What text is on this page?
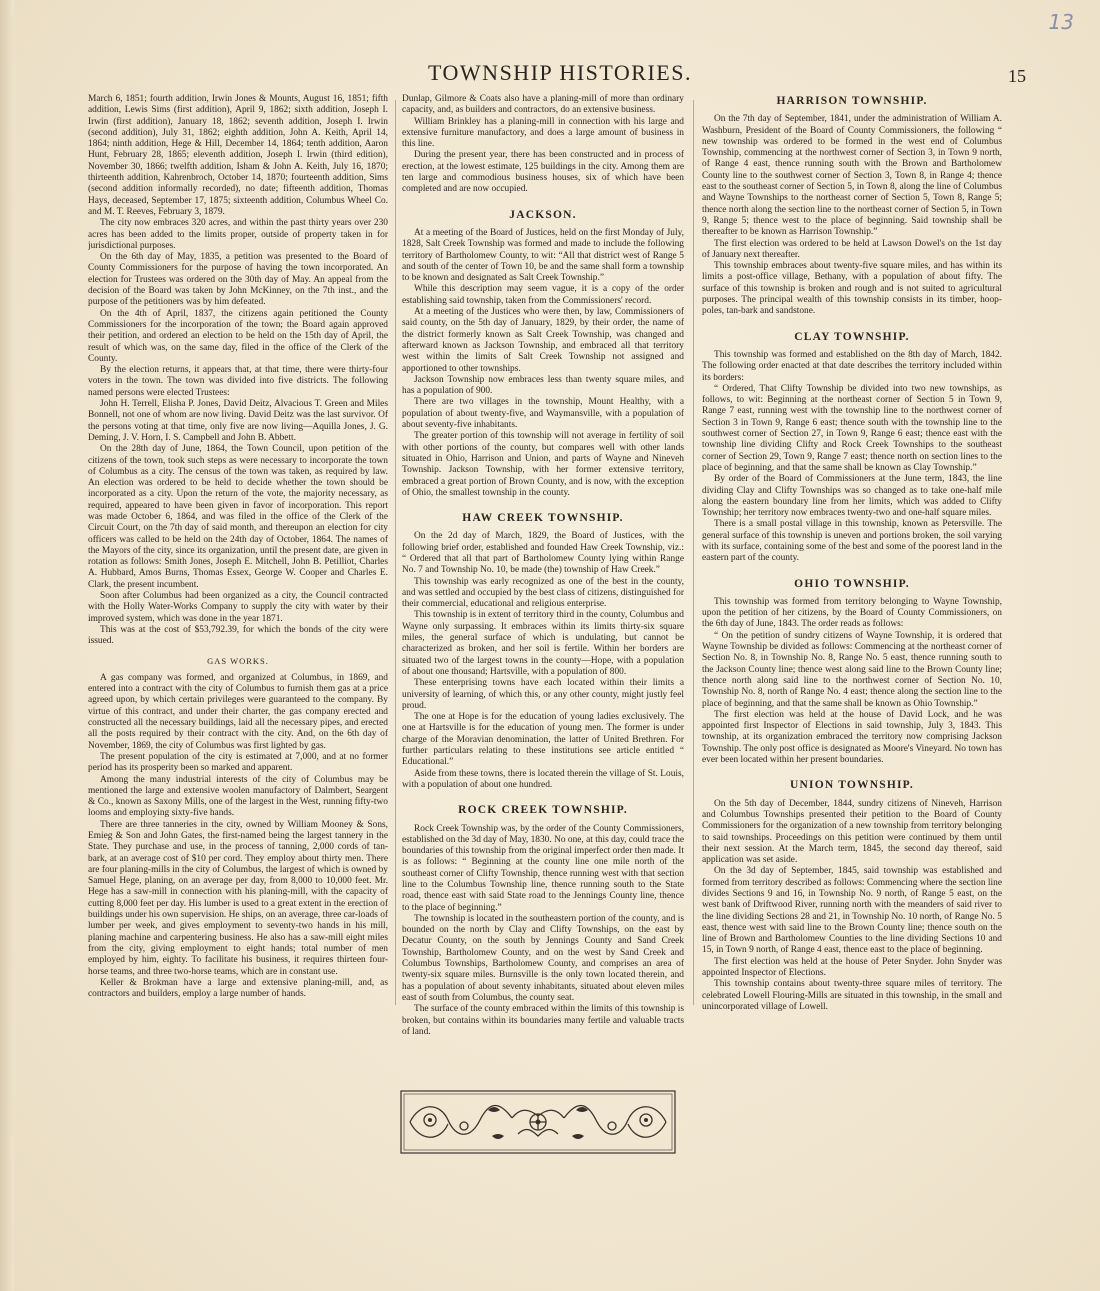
13
TOWNSHIP HISTORIES.	15

March 6, 1851; fourth addition, Irwin Jones & Mounts, August 16, 1851; fifth addition, Lewis Sims (first addition), April 9, 1862; sixth addition, Joseph I. Irwin (first addition), January 18, 1862; seventh addition, Joseph I. Irwin (second addition), July 31, 1862; eighth addition, John A. Keith, April 14, 1864; ninth addition, Hege & Hill, December 14, 1864; tenth addition, Aaron Hunt, February 28, 1865; eleventh addition, Joseph I. Irwin (third edition), November 30, 1866; twelfth addition, Isham & John A. Keith, July 16, 1870; thirteenth addition, Kahrenbroch, October 14, 1870; fourteenth addition, Sims (second addition informally recorded), no date; fifteenth addition, Thomas Hays, deceased, September 17, 1875; sixteenth addition, Columbus Wheel Co. and M. T. Reeves, February 3, 1879.

The city now embraces 320 acres, and within the past thirty years over 230 acres has been added to the limits proper, outside of property taken in for jurisdictional purposes.

On the 6th day of May, 1835, a petition was presented to the Board of County Commissioners for the purpose of having the town incorporated. An election for Trustees was ordered on the 30th day of May. An appeal from the decision of the Board was taken by John McKinney, on the 7th inst., and the purpose of the petitioners was by him defeated.

On the 4th of April, 1837, the citizens again petitioned the County Commissioners for the incorporation of the town; the Board again approved their petition, and ordered an election to be held on the 15th day of April, the result of which was, on the same day, filed in the office of the Clerk of the County.

By the election returns, it appears that, at that time, there were thirty-four voters in the town. The town was divided into five districts. The following named persons were elected Trustees:

John H. Terrell, Elisha P. Jones, David Deitz, Alvacious T. Green and Miles Bonnell, not one of whom are now living. David Deitz was the last survivor. Of the persons voting at that time, only five are now living—Aquilla Jones, J. G. Deming, J. V. Horn, I. S. Campbell and John B. Abbett.

On the 28th day of June, 1864, the Town Council, upon petition of the citizens of the town, took such steps as were necessary to incorporate the town of Columbus as a city. The census of the town was taken, as required by law. An election was ordered to be held to decide whether the town should be incorporated as a city. Upon the return of the vote, the majority necessary, as required, appeared to have been given in favor of incorporation. This report was made October 6, 1864, and was filed in the office of the Clerk of the Circuit Court, on the 7th day of said month, and thereupon an election for city officers was called to be held on the 24th day of October, 1864. The names of the Mayors of the city, since its organization, until the present date, are given in rotation as follows: Smith Jones, Joseph E. Mitchell, John B. Petilliot, Charles A. Hubbard, Amos Burns, Thomas Essex, George W. Cooper and Charles E. Clark, the present incumbent.

Soon after Columbus had been organized as a city, the Council contracted with the Holly Water-Works Company to supply the city with water by their improved system, which was done in the year 1871.

This was at the cost of $53,792.39, for which the bonds of the city were issued.

GAS WORKS.

A gas company was formed, and organized at Columbus, in 1869, and entered into a contract with the city of Columbus to furnish them gas at a price agreed upon, by which certain privileges were guaranteed to the company. By virtue of this contract, and under their charter, the gas company erected and constructed all the necessary buildings, laid all the necessary pipes, and erected all the posts required by their contract with the city. And, on the 6th day of November, 1869, the city of Columbus was first lighted by gas.

The present population of the city is estimated at 7,000, and at no former period has its prosperity been so marked and apparent.

Among the many industrial interests of the city of Columbus may be mentioned the large and extensive woolen manufactory of Dalmbert, Seargent & Co., known as Saxony Mills, one of the largest in the West, running fifty-two looms and employing sixty-five hands.

There are three tanneries in the city, owned by William Mooney & Sons, Emieg & Son and John Gates, the first-named being the largest tannery in the State. They purchase and use, in the process of tanning, 2,000 cords of tan-bark, at an average cost of $10 per cord. They employ about thirty men. There are four planing-mills in the city of Columbus, the largest of which is owned by Samuel Hege, planing, on an average per day, from 8,000 to 10,000 feet. Mr. Hege has a saw-mill in connection with his planing-mill, with the capacity of cutting 8,000 feet per day. His lumber is used to a great extent in the erection of buildings under his own supervision. He ships, on an average, three car-loads of lumber per week, and gives employment to seventy-two hands in his mill, planing machine and carpentering business. He also has a saw-mill eight miles from the city, giving employment to eight hands; total number of men employed by him, eighty. To facilitate his business, it requires thirteen four-horse teams, and three two-horse teams, which are in constant use.

Keller & Brokman have a large and extensive planing-mill, and, as contractors and builders, employ a large number of hands.

Dunlap, Gilmore & Coats also have a planing-mill of more than ordinary capacity, and, as builders and contractors, do an extensive business.

William Brinkley has a planing-mill in connection with his large and extensive furniture manufactory, and does a large amount of business in this line.

During the present year, there has been constructed and in process of erection, at the lowest estimate, 125 buildings in the city. Among them are ten large and commodious business houses, six of which have been completed and are now occupied.

JACKSON.

At a meeting of the Board of Justices, held on the first Monday of July, 1828, Salt Creek Township was formed and made to include the following territory of Bartholomew County, to wit: “All that district west of Range 5 and south of the center of Town 10, be and the same shall form a township to be known and designated as Salt Creek Township.”

While this description may seem vague, it is a copy of the order establishing said township, taken from the Commissioners' record.

At a meeting of the Justices who were then, by law, Commissioners of said county, on the 5th day of January, 1829, by their order, the name of the district formerly known as Salt Creek Township, was changed and afterward known as Jackson Township, and embraced all that territory west within the limits of Salt Creek Township not assigned and apportioned to other townships.

Jackson Township now embraces less than twenty square miles, and has a population of 900.

There are two villages in the township, Mount Healthy, with a population of about twenty-five, and Waymansville, with a population of about seventy-five inhabitants.

The greater portion of this township will not average in fertility of soil with other portions of the county, but compares well with other lands situated in Ohio, Harrison and Union, and parts of Wayne and Nineveh Township. Jackson Township, with her former extensive territory, embraced a great portion of Brown County, and is now, with the exception of Ohio, the smallest township in the county.

HAW CREEK TOWNSHIP.

On the 2d day of March, 1829, the Board of Justices, with the following brief order, established and founded Haw Creek Township, viz.: “ Ordered that all that part of Bartholomew County lying within Range No. 7 and Township No. 10, be made (the) township of Haw Creek.”

This township was early recognized as one of the best in the county, and was settled and occupied by the best class of citizens, distinguished for their commercial, educational and religious enterprise.

This township is in extent of territory third in the county, Columbus and Wayne only surpassing. It embraces within its limits thirty-six square miles, the general surface of which is undulating, but cannot be characterized as broken, and her soil is fertile. Within her borders are situated two of the largest towns in the county—Hope, with a population of about one thousand; Hartsville, with a population of 800.

These enterprising towns have each located within their limits a university of learning, of which this, or any other county, might justly feel proud.

The one at Hope is for the education of young ladies exclusively. The one at Hartsville is for the education of young men. The former is under charge of the Moravian denomination, the latter of United Brethren. For further particulars relating to these institutions see article entitled “ Educational.”

Aside from these towns, there is located therein the village of St. Louis, with a population of about one hundred.

ROCK CREEK TOWNSHIP.

Rock Creek Township was, by the order of the County Commissioners, established on the 3d day of May, 1830. No one, at this day, could trace the boundaries of this township from the original imperfect order then made. It is as follows: “ Beginning at the county line one mile north of the southeast corner of Clifty Township, thence running west with that section line to the Columbus Township line, thence running south to the State road, thence east with said State road to the Jennings County line, thence to the place of beginning.”

The township is located in the southeastern portion of the county, and is bounded on the north by Clay and Clifty Townships, on the east by Decatur County, on the south by Jennings County and Sand Creek Township, Bartholomew County, and on the west by Sand Creek and Columbus Townships, Bartholomew County, and comprises an area of twenty-six square miles. Burnsville is the only town located therein, and has a population of about seventy inhabitants, situated about eleven miles east of south from Columbus, the county seat.

The surface of the county embraced within the limits of this township is broken, but contains within its boundaries many fertile and valuable tracts of land.

HARRISON TOWNSHIP.

On the 7th day of September, 1841, under the administration of William A. Washburn, President of the Board of County Commissioners, the following “ new township was ordered to be formed in the west end of Columbus Township, commencing at the northwest corner of Section 3, in Town 9 north, of Range 4 east, thence running south with the Brown and Bartholomew County line to the southwest corner of Section 3, Town 8, in Range 4; thence east to the southeast corner of Section 5, in Town 8, along the line of Columbus and Wayne Townships to the northeast corner of Section 5, Town 8, Range 5; thence north along the section line to the northeast corner of Section 5, in Town 9, Range 5; thence west to the place of beginning. Said township shall be thereafter to be known as Harrison Township.”

The first election was ordered to be held at Lawson Dowel's on the 1st day of January next thereafter.

This township embraces about twenty-five square miles, and has within its limits a post-office village, Bethany, with a population of about fifty. The surface of this township is broken and rough and is not suited to agricultural purposes. The principal wealth of this township consists in its timber, hoop-poles, tan-bark and sandstone.

CLAY TOWNSHIP.

This township was formed and established on the 8th day of March, 1842. The following order enacted at that date describes the territory included within its borders:

“ Ordered, That Clifty Township be divided into two new townships, as follows, to wit: Beginning at the northeast corner of Section 5 in Town 9, Range 7 east, running west with the township line to the northwest corner of Section 3 in Town 9, Range 6 east; thence south with the township line to the southwest corner of Section 27, in Town 9, Range 6 east; thence east with the township line dividing Clifty and Rock Creek Townships to the southeast corner of Section 29, Town 9, Range 7 east; thence north on section lines to the place of beginning, and that the same shall be known as Clay Township.”

By order of the Board of Commissioners at the June term, 1843, the line dividing Clay and Clifty Townships was so changed as to take one-half mile along the eastern boundary line from her limits, which was added to Clifty Township; her territory now embraces twenty-two and one-half square miles.

There is a small postal village in this township, known as Petersville. The general surface of this township is uneven and portions broken, the soil varying with its surface, containing some of the best and some of the poorest land in the eastern part of the county.

OHIO TOWNSHIP.

This township was formed from territory belonging to Wayne Township, upon the petition of her citizens, by the Board of County Commissioners, on the 6th day of June, 1843. The order reads as follows:

“ On the petition of sundry citizens of Wayne Township, it is ordered that Wayne Township be divided as follows: Commencing at the northeast corner of Section No. 8, in Township No. 8, Range No. 5 east, thence running south to the Jackson County line; thence west along said line to the Brown County line; thence north along said line to the northwest corner of Section No. 10, Township No. 8, north of Range No. 4 east; thence along the section line to the place of beginning, and that the same shall be known as Ohio Township.”

The first election was held at the house of David Lock, and he was appointed first Inspector of Elections in said township, July 3, 1843. This township, at its organization embraced the territory now comprising Jackson Township. The only post office is designated as Moore's Vineyard. No town has ever been located within her present boundaries.

UNION TOWNSHIP.

On the 5th day of December, 1844, sundry citizens of Nineveh, Harrison and Columbus Townships presented their petition to the Board of County Commissioners for the organization of a new township from territory belonging to said townships. Proceedings on this petition were continued by them until their next session. At the March term, 1845, the second day thereof, said application was set aside.

On the 3d day of September, 1845, said township was established and formed from territory described as follows: Commencing where the section line divides Sections 9 and 16, in Township No. 9 north, of Range 5 east, on the west bank of Driftwood River, running north with the meanders of said river to the line dividing Sections 28 and 21, in Township No. 10 north, of Range No. 5 east, thence west with said line to the Brown County line; thence south on the line of Brown and Bartholomew Counties to the line dividing Sections 10 and 15, in Town 9 north, of Range 4 east, thence east to the place of beginning.

The first election was held at the house of Peter Snyder. John Snyder was appointed Inspector of Elections.

This township contains about twenty-three square miles of territory. The celebrated Lowell Flouring-Mills are situated in this township, in the small and unincorporated village of Lowell.
